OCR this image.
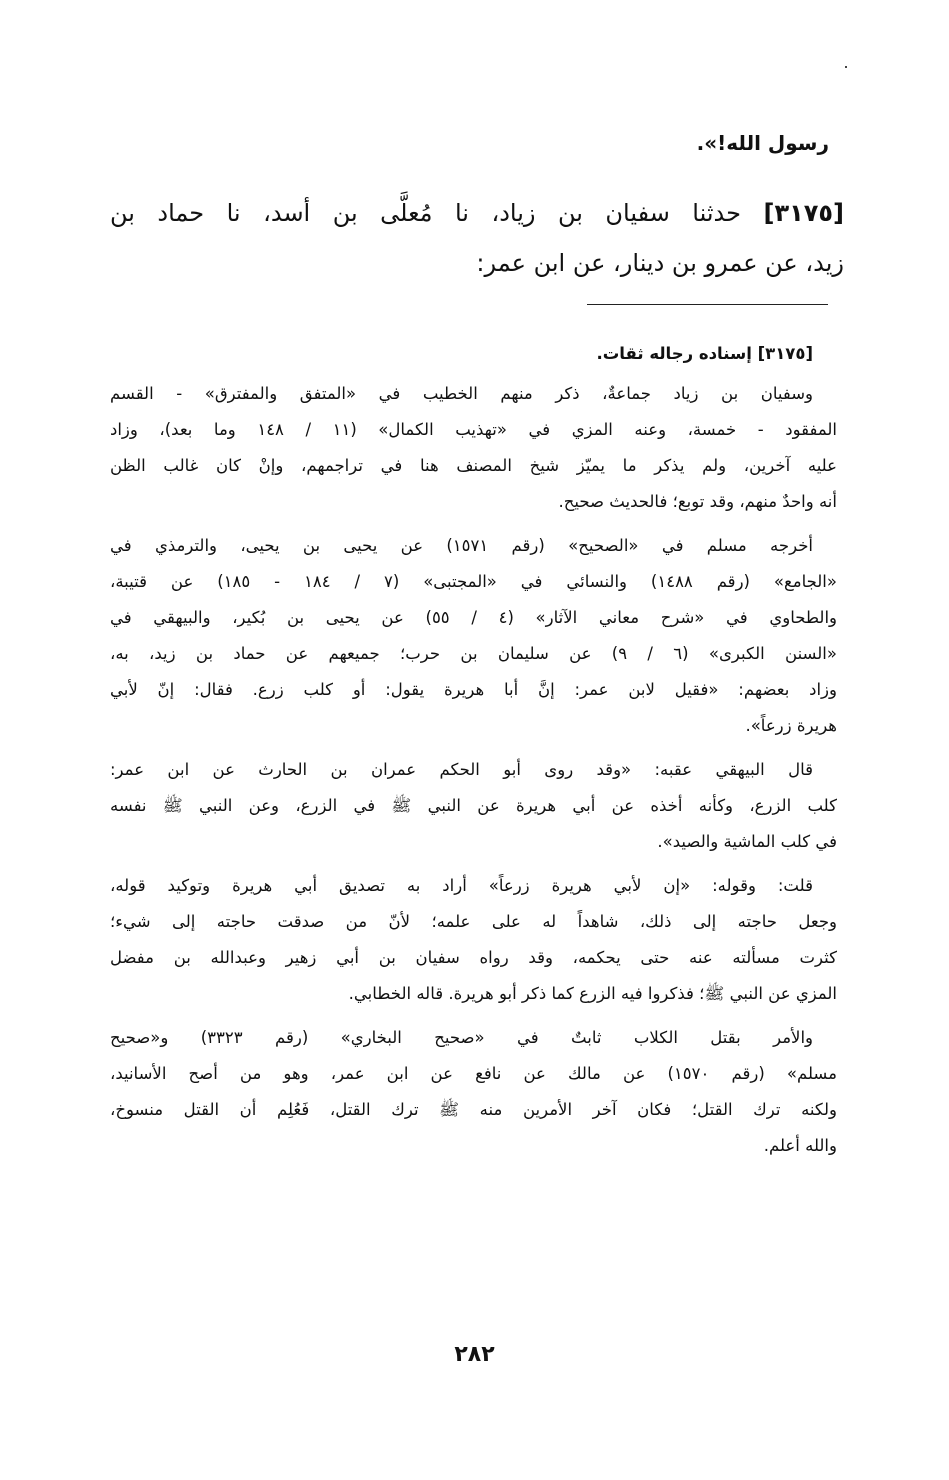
رسول الله!».
[٣١٧٥] حدثنا سفيان بن زياد، نا مُعلَّى بن أسد، نا حماد بن
زيد، عن عمرو بن دينار، عن ابن عمر:
[٣١٧٥] إسناده رجاله ثقات.
وسفيان بن زياد جماعةٌ، ذكر منهم الخطيب في «المتفق والمفترق» - القسم
المفقود - خمسة، وعنه المزي في «تهذيب الكمال» (١١ / ١٤٨ وما بعد)، وزاد
عليه آخرين، ولم يذكر ما يميّز شيخ المصنف هنا في تراجمهم، وإنْ كان غالب الظن
أنه واحدٌ منهم، وقد توبع؛ فالحديث صحيح.
أخرجه مسلم في «الصحيح» (رقم ١٥٧١) عن يحيى بن يحيى، والترمذي في
«الجامع» (رقم ١٤٨٨) والنسائي في «المجتبى» (٧ / ١٨٤ - ١٨٥) عن قتيبة،
والطحاوي في «شرح معاني الآثار» (٤ / ٥٥) عن يحيى بن بُكير، والبيهقي في
«السنن الكبرى» (٦ / ٩) عن سليمان بن حرب؛ جميعهم عن حماد بن زيد، به،
وزاد بعضهم: «فقيل لابن عمر: إنَّ أبا هريرة يقول: أو كلب زرع. فقال: إنّ لأبي
هريرة زرعاً».
قال البيهقي عقبه: «وقد روى أبو الحكم عمران بن الحارث عن ابن عمر:
كلب الزرع، وكأنه أخذه عن أبي هريرة عن النبي ﷺ في الزرع، وعن النبي ﷺ نفسه
في كلب الماشية والصيد».
قلت: وقوله: «إن لأبي هريرة زرعاً» أراد به تصديق أبي هريرة وتوكيد قوله،
وجعل حاجته إلى ذلك، شاهداً له على علمه؛ لأنّ من صدقت حاجته إلى شيء؛
كثرت مسألته عنه حتى يحكمه، وقد رواه سفيان بن أبي زهير وعبدالله بن مفضل
المزي عن النبي ﷺ؛ فذكروا فيه الزرع كما ذكر أبو هريرة. قاله الخطابي.
والأمر بقتل الكلاب ثابتٌ في «صحيح البخاري» (رقم ٣٣٢٣) و«صحيح
مسلم» (رقم ١٥٧٠) عن مالك عن نافع عن ابن عمر، وهو من أصح الأسانيد،
ولكنه ترك القتل؛ فكان آخر الأمرين منه ﷺ ترك القتل، فَعُلِم أن القتل منسوخ،
والله أعلم.
٢٨٢
